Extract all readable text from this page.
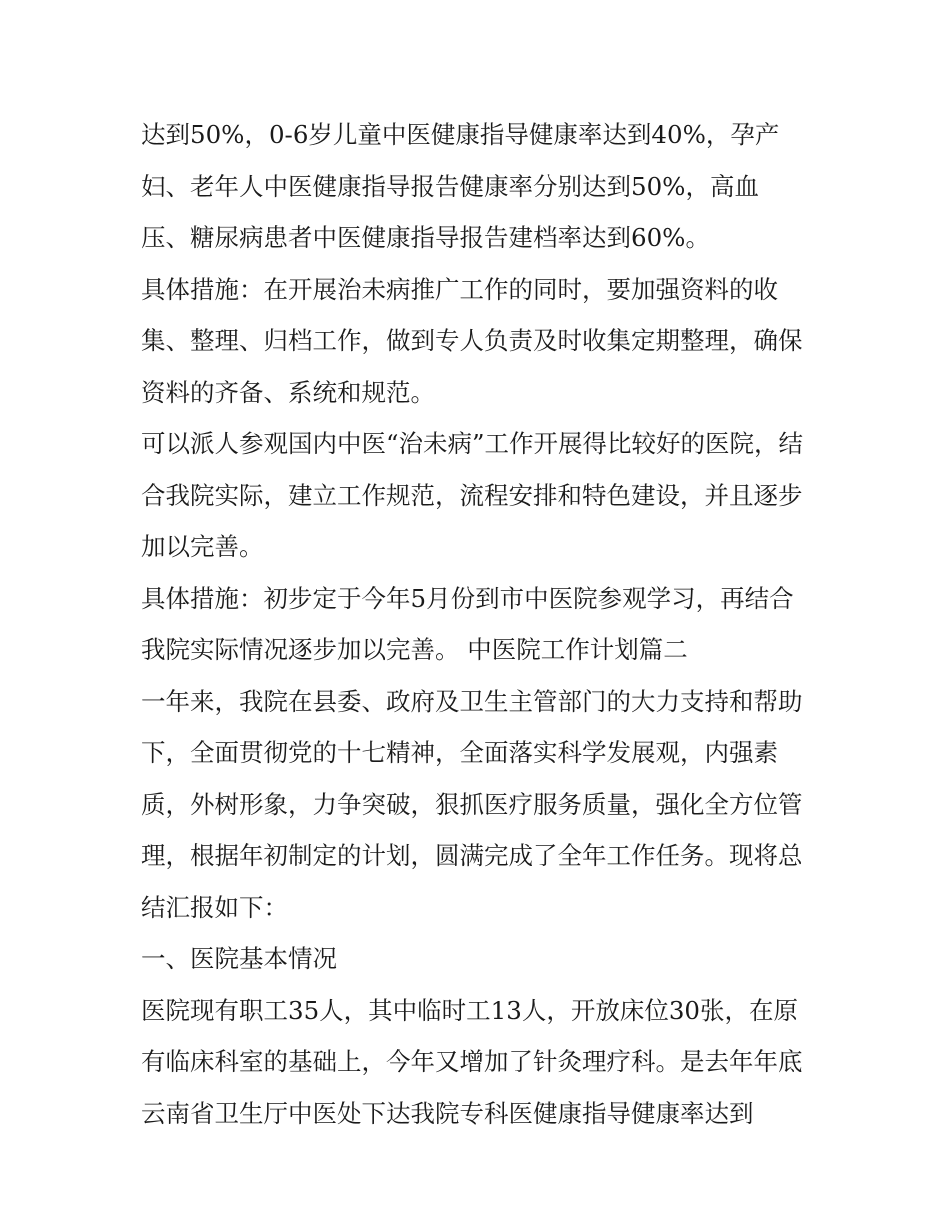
达到50%，0-6岁儿童中医健康指导健康率达到40%，孕产
妇、老年人中医健康指导报告健康率分别达到50%，高血
压、糖尿病患者中医健康指导报告建档率达到60%。
具体措施：在开展治未病推广工作的同时，要加强资料的收
集、整理、归档工作，做到专人负责及时收集定期整理，确保
资料的齐备、系统和规范。
可以派人参观国内中医“治未病”工作开展得比较好的医院，结
合我院实际，建立工作规范，流程安排和特色建设，并且逐步
加以完善。
具体措施：初步定于今年5月份到市中医院参观学习，再结合
我院实际情况逐步加以完善。 中医院工作计划篇二
一年来，我院在县委、政府及卫生主管部门的大力支持和帮助
下，全面贯彻党的十七精神，全面落实科学发展观，内强素
质，外树形象，力争突破，狠抓医疗服务质量，强化全方位管
理，根据年初制定的计划，圆满完成了全年工作任务。现将总
结汇报如下：
一、医院基本情况
医院现有职工35人，其中临时工13人，开放床位30张，在原
有临床科室的基础上，今年又增加了针灸理疗科。是去年年底
云南省卫生厅中医处下达我院专科医健康指导健康率达到
